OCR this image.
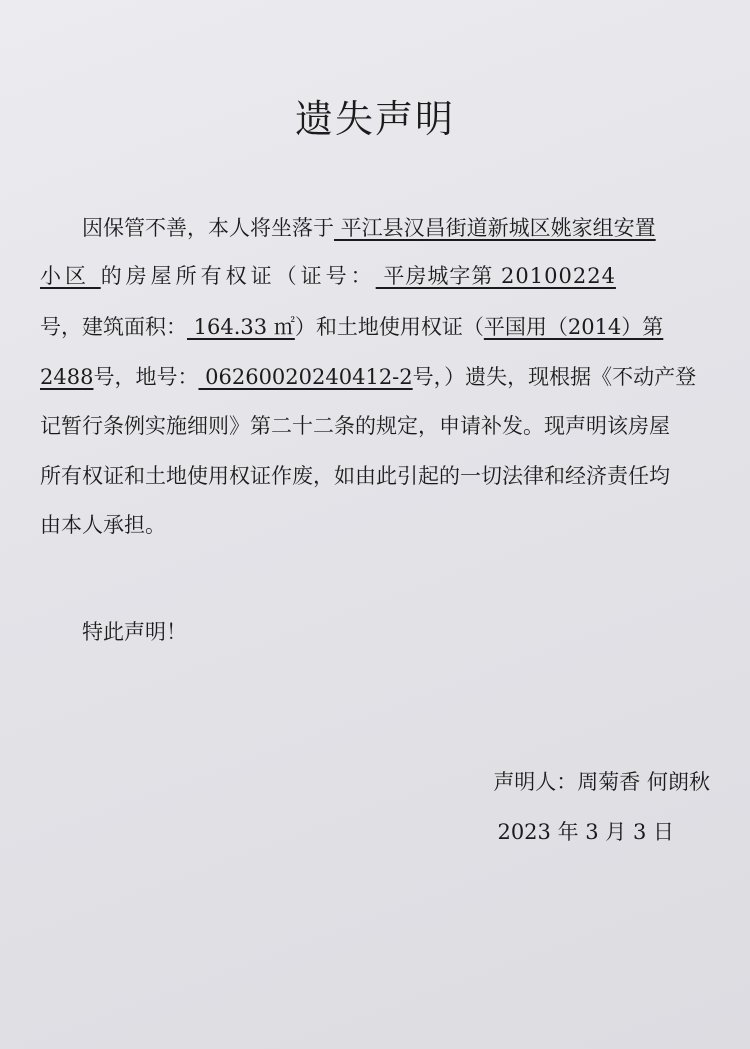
遗失声明
因保管不善，本人将坐落于 平江县汉昌街道新城区姚家组安置
小区 的房屋所有权证（证号： 平房城字第 20100224
号，建筑面积： 164.33 ㎡）和土地使用权证（平国用（2014）第
2488号，地号： 06260020240412-2号，）遗失，现根据《不动产登
记暂行条例实施细则》第二十二条的规定，申请补发。现声明该房屋
所有权证和土地使用权证作废，如由此引起的一切法律和经济责任均
由本人承担。
特此声明！
声明人：周菊香 何朗秋
2023 年 3 月 3 日
